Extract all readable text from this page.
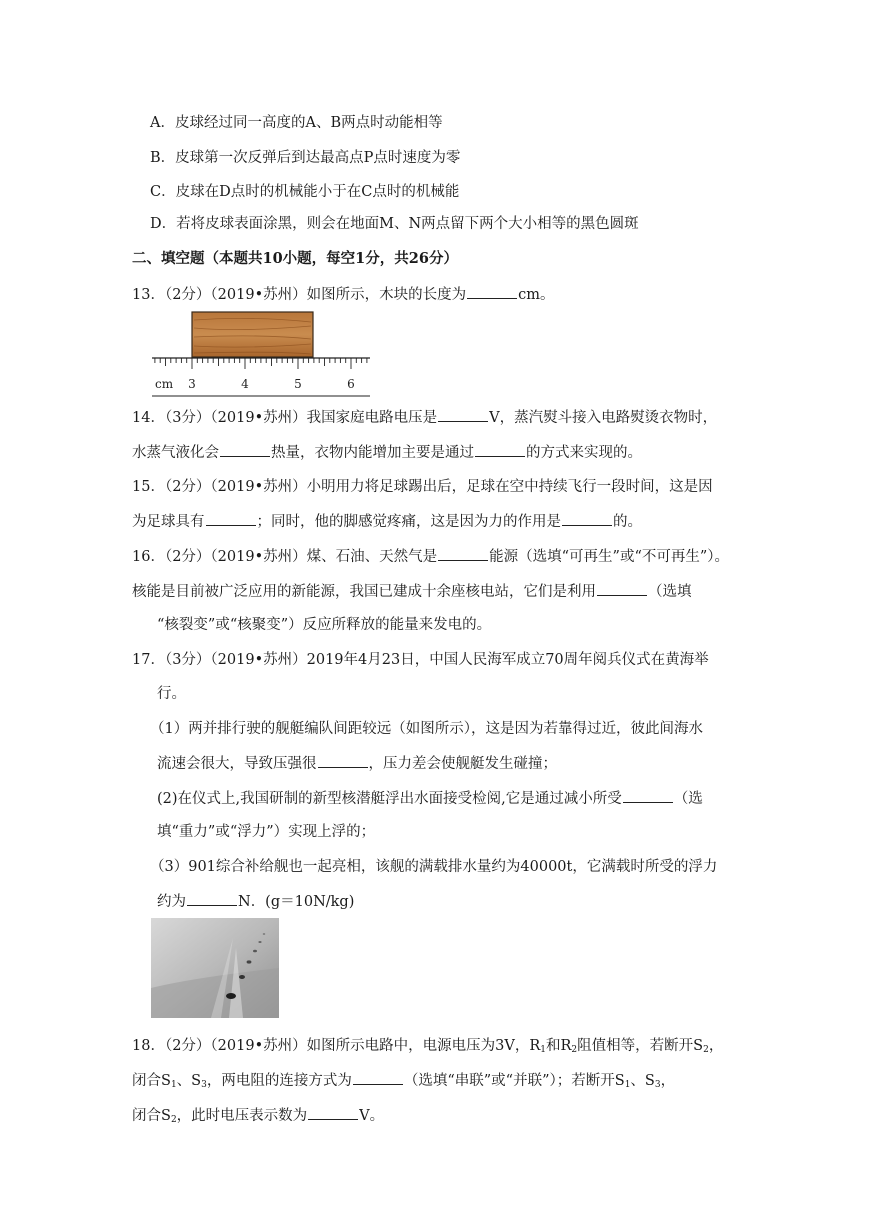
A．皮球经过同一高度的A、B两点时动能相等
B．皮球第一次反弹后到达最高点P点时速度为零
C．皮球在D点时的机械能小于在C点时的机械能
D．若将皮球表面涂黑，则会在地面M、N两点留下两个大小相等的黑色圆斑
二、填空题（本题共10小题，每空1分，共26分）
13．（2分）（2019•苏州）如图所示，木块的长度为	cm。
cm 3	4	5	6
14．（3分）（2019•苏州）我国家庭电路电压是	V，蒸汽熨斗接入电路熨烫衣物时，
水蒸气液化会	热量，衣物内能增加主要是通过	的方式来实现的。
15．（2分）（2019•苏州）小明用力将足球踢出后，足球在空中持续飞行一段时间，这是因
为足球具有	；同时，他的脚感觉疼痛，这是因为力的作用是	的。
16．（2分）（2019•苏州）煤、石油、天然气是	能源（选填“可再生”或“不可再生”）。
核能是目前被广泛应用的新能源，我国已建成十余座核电站，它们是利用	（选填
“核裂变”或“核聚变”）反应所释放的能量来发电的。
17．（3分）（2019•苏州）2019年4月23日，中国人民海军成立70周年阅兵仪式在黄海举
行。
（1）两并排行驶的舰艇编队间距较远（如图所示），这是因为若靠得过近，彼此间海水
流速会很大，导致压强很	，压力差会使舰艇发生碰撞；
(2)在仪式上,我国研制的新型核潜艇浮出水面接受检阅,它是通过减小所受	（选
填“重力”或“浮力”）实现上浮的；
（3）901综合补给舰也一起亮相，该舰的满载排水量约为40000t，它满载时所受的浮力
约为	N．(g＝10N/kg)
18．（2分）（2019•苏州）如图所示电路中，电源电压为3V，$R_1$和$R_2$阻值相等，若断开$S_2$，
闭合$S_1$、$S_3$，两电阻的连接方式为	（选填“串联”或“并联”）；若断开$S_1$、$S_3$，
闭合$S_2$，此时电压表示数为	V。
